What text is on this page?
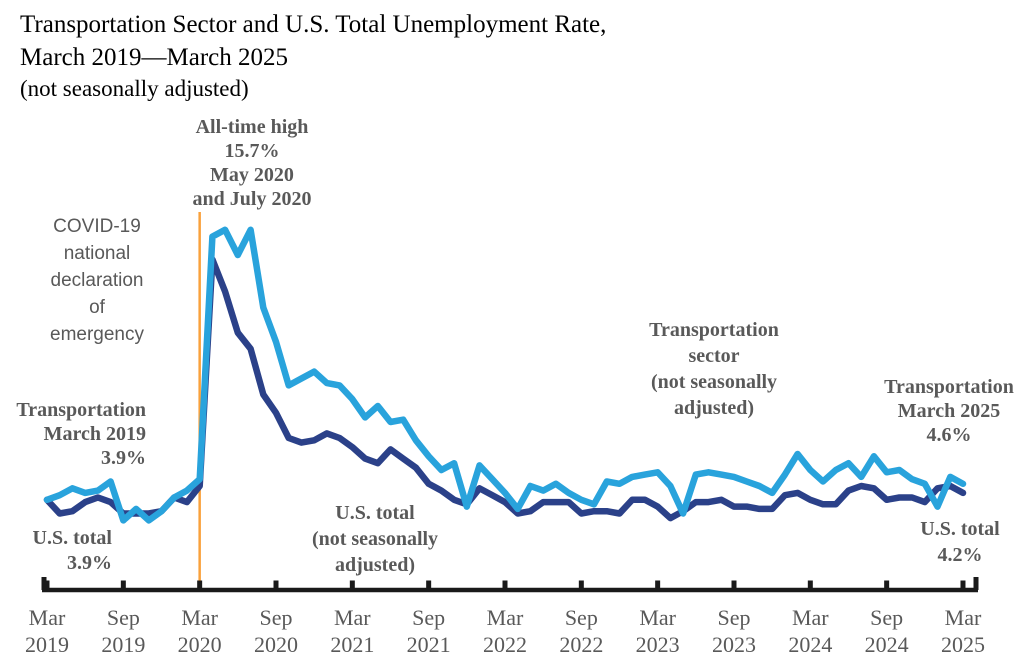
Transportation Sector and U.S. Total Unemployment Rate,
March 2019—March 2025
(not seasonally adjusted)
All-time high
15.7%
May 2020
and July 2020
COVID-19
national
declaration
of
emergency
Transportation
March 2019
3.9%
U.S. total
3.9%
U.S. total
(not seasonally
adjusted)
Transportation
sector
(not seasonally
adjusted)
Transportation
March 2025
4.6%
U.S. total
4.2%
Mar
2019
Sep
2019
Mar
2020
Sep
2020
Mar
2021
Sep
2021
Mar
2022
Sep
2022
Mar
2023
Sep
2023
Mar
2024
Sep
2024
Mar
2025
